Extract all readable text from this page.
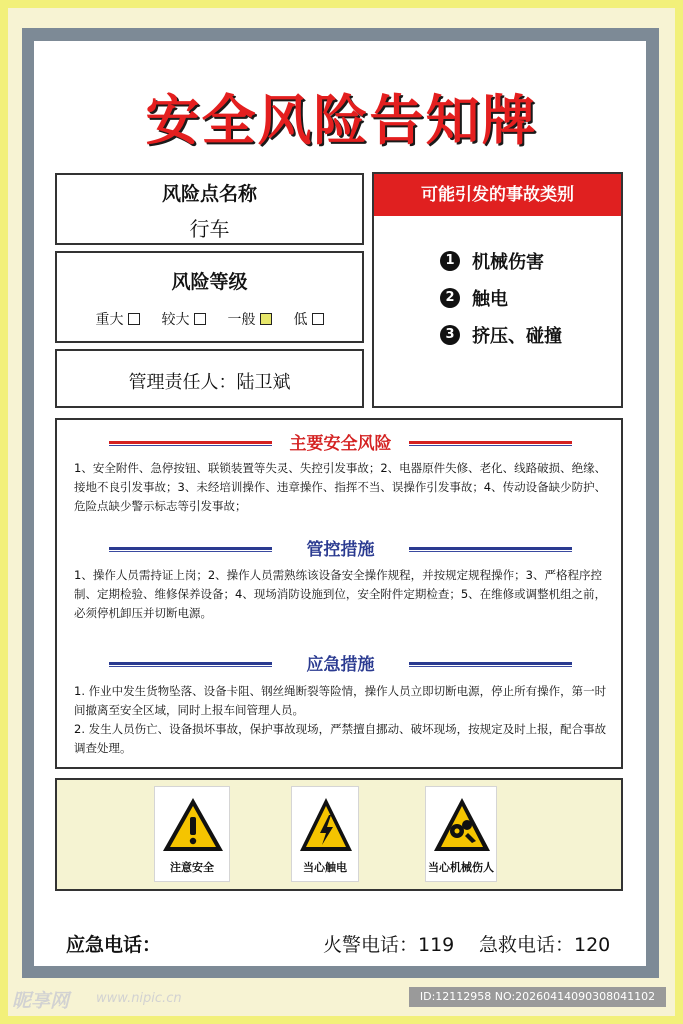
安全风险告知牌
风险点名称
行车
风险等级
重大	较大	一般	低
管理责任人：陆卫斌
可能引发的事故类别
1 机械伤害
2 触电
3 挤压、碰撞
主要安全风险
1、安全附件、急停按钮、联锁装置等失灵、失控引发事故；2、电器原件失修、老化、线路破损、绝缘、接地不良引发事故；3、未经培训操作、违章操作、指挥不当、误操作引发事故；4、传动设备缺少防护、危险点缺少警示标志等引发事故；
管控措施
1、操作人员需持证上岗；2、操作人员需熟练该设备安全操作规程，并按规定规程操作；3、严格程序控制、定期检验、维修保养设备；4、现场消防设施到位，安全附件定期检查；5、在维修或调整机组之前，必须停机卸压并切断电源。
应急措施
1. 作业中发生货物坠落、设备卡阻、钢丝绳断裂等险情，操作人员立即切断电源，停止所有操作，第一时间撤离至安全区域，同时上报车间管理人员。
2. 发生人员伤亡、设备损坏事故，保护事故现场，严禁擅自挪动、破坏现场，按规定及时上报，配合事故调查处理。
注意安全	当心触电	当心机械伤人
应急电话：	火警电话：119 急救电话：120
昵享网 www.nipic.cn	ID:12112958 NO:20260414090308041102
